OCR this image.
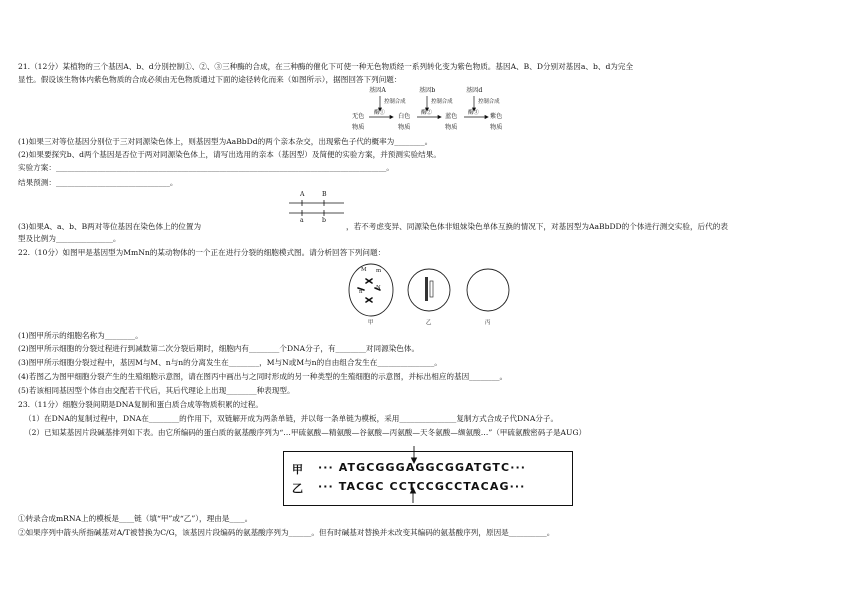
21.（12分）某植物的三个基因A、b、d分別控制①、②、③三种酶的合成，在三种酶的催化下可使一种无色物质经一系列转化变为紫色物质。基因A、B、D分别对基因a、b、d为完全
显性。假设该生物体内紫色物质的合成必须由无色物质通过下面的途径转化而来（如图所示），据图回答下列问题：
基因A	基因b	基因d
控制合成	控制合成	控制合成
无色
物质
酶① 白色
物质
酶② 蓝色
物质
酶③ 紫色
物质
(1)如果三对等位基因分别位于三对同源染色体上，则基因型为AaBbDd的两个亲本杂交，出现紫色子代的概率为________。
(2)如果要探究b、d两个基因是否位于两对同源染色体上，请写出选用的亲本（基因型）及简便的实验方案，并预测实验结果。
实验方案：_______________________________________________________________________________________。
结果预测：______________________________。
A	B
a	b
(3)如果A、a、b、B两对等位基因在染色体上的位置为	，若不考虑变异、同源染色体非姐妹染色单体互换的情况下，对基因型为AaBbDD的个体进行测交实验，后代的表
型及比例为_______________。
22.（10分）如图甲是基因型为MmNn的某动物体的一个正在进行分裂的细胞模式图。请分析回答下列问题：
M m
N
n
甲	乙	丙
(1)图甲所示的细胞名称为________。
(2)图甲所示细胞的分裂过程进行到减数第二次分裂后期时，细胞内有________个DNA分子，有________对同源染色体。
(3)图甲所示细胞分裂过程中，基因M与M、n与n的分离发生在________，M与N或M与n的自由组合发生在_______________。
(4)若图乙为图甲细胞分裂产生的生殖细胞示意图，请在图丙中画出与之同时形成的另一种类型的生殖细胞的示意图，并标出相应的基因________。
(5)若该相同基因型个体自由交配若干代后，其后代理论上出现________种表现型。
23.（11分）细胞分裂间期是DNA复制和蛋白质合成等物质积累的过程。
（1）在DNA的复制过程中，DNA在________的作用下，双链解开成为两条单链，并以每一条单链为模板，采用_______________复制方式合成子代DNA分子。
（2）已知某基因片段碱基排列如下表。由它所编码的蛋白质的氨基酸序列为“…甲硫氨酸—精氨酸—谷氨酸—丙氨酸—天冬氨酸—缬氨酸…”（甲硫氨酸密码子是AUG）
甲 ··· ATGCGGGAGGCGGATGTC···
乙 ··· TACGC CCTCCGCCTACAG···
①转录合成mRNA上的模板是____链（填“甲”或“乙”），理由是____。
②如果序列中箭头所指碱基对A/T被替换为C/G，该基因片段编码的氨基酸序列为______。但有时碱基对替换并未改变其编码的氨基酸序列，原因是__________。
